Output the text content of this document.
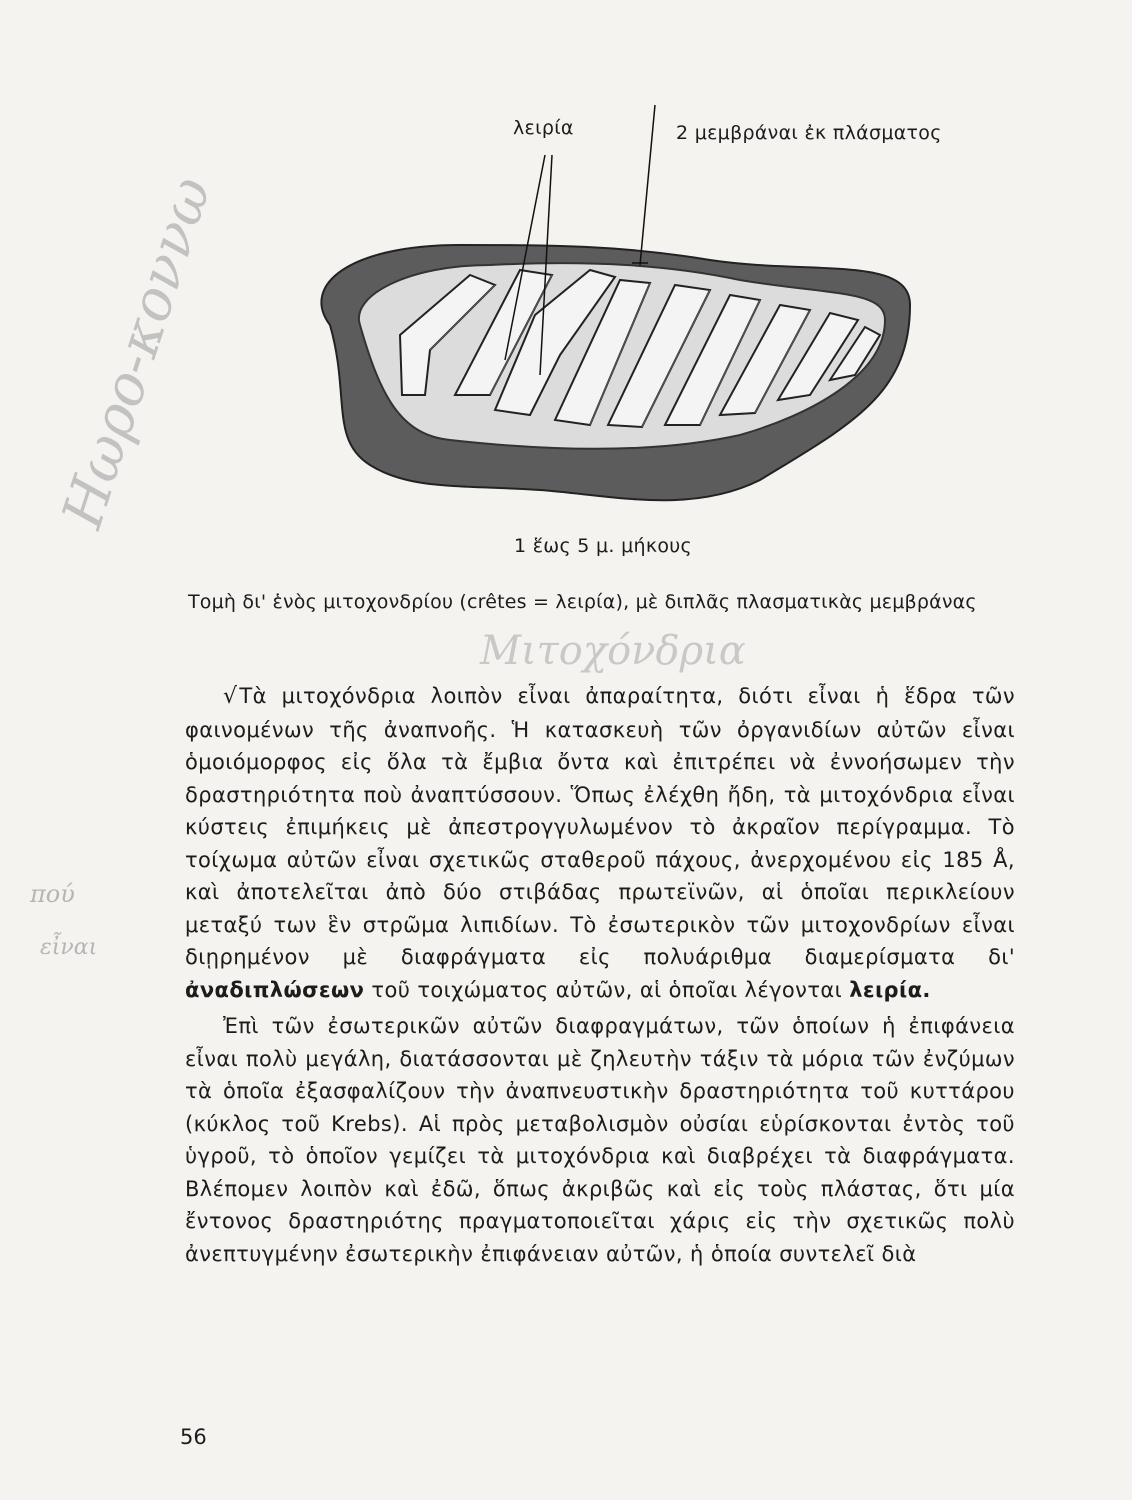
λειρία	2 μεμβράναι ἐκ πλάσματος
1 ἕως 5 μ. μήκους
Τομὴ δι' ἑνὸς μιτοχονδρίου (crêtes = λειρία), μὲ διπλᾶς πλασματικὰς μεμβράνας

√Τὰ μιτοχόνδρια λοιπὸν εἶναι ἀπαραίτητα, διότι εἶναι ἡ ἕδρα τῶν φαινομένων τῆς ἀναπνοῆς. Ἡ κατασκευὴ τῶν ὀργανιδίων αὐτῶν εἶναι ὁμοιόμορφος εἰς ὅλα τὰ ἔμβια ὄντα καὶ ἐπιτρέπει νὰ ἐννοήσωμεν τὴν δραστηριότητα ποὺ ἀναπτύσσουν. Ὅπως ἐλέχθη ἤδη, τὰ μιτοχόνδρια εἶναι κύστεις ἐπιμήκεις μὲ ἀπεστρογγυλωμένον τὸ ἀκραῖον περίγραμμα. Τὸ τοίχωμα αὐτῶν εἶναι σχετικῶς σταθεροῦ πάχους, ἀνερχομένου εἰς 185 Å, καὶ ἀποτελεῖται ἀπὸ δύο στιβάδας πρωτεϊνῶν, αἱ ὁποῖαι περικλείουν μεταξύ των ἓν στρῶμα λιπιδίων. Τὸ ἐσωτερικὸν τῶν μιτοχονδρίων εἶναι διῃρημένον μὲ διαφράγματα εἰς πολυάριθμα διαμερίσματα δι' ἀναδιπλώσεων τοῦ τοιχώματος αὐτῶν, αἱ ὁποῖαι λέγονται λειρία.

Ἐπὶ τῶν ἐσωτερικῶν αὐτῶν διαφραγμάτων, τῶν ὁποίων ἡ ἐπιφάνεια εἶναι πολὺ μεγάλη, διατάσσονται μὲ ζηλευτὴν τάξιν τὰ μόρια τῶν ἐνζύμων τὰ ὁποῖα ἐξασφαλίζουν τὴν ἀναπνευστικὴν δραστηριότητα τοῦ κυττάρου (κύκλος τοῦ Krebs). Αἱ πρὸς μεταβολισμὸν οὐσίαι εὑρίσκονται ἐντὸς τοῦ ὑγροῦ, τὸ ὁποῖον γεμίζει τὰ μιτοχόνδρια καὶ διαβρέχει τὰ διαφράγματα. Βλέπομεν λοιπὸν καὶ ἐδῶ, ὅπως ἀκριβῶς καὶ εἰς τοὺς πλάστας, ὅτι μία ἔντονος δραστηριότης πραγματοποιεῖται χάρις εἰς τὴν σχετικῶς πολὺ ἀνεπτυγμένην ἐσωτερικὴν ἐπιφάνειαν αὐτῶν, ἡ ὁποία συντελεῖ διὰ

56
Ηωρο-κοννω
Μιτοχόνδρια
πού
εἶναι
